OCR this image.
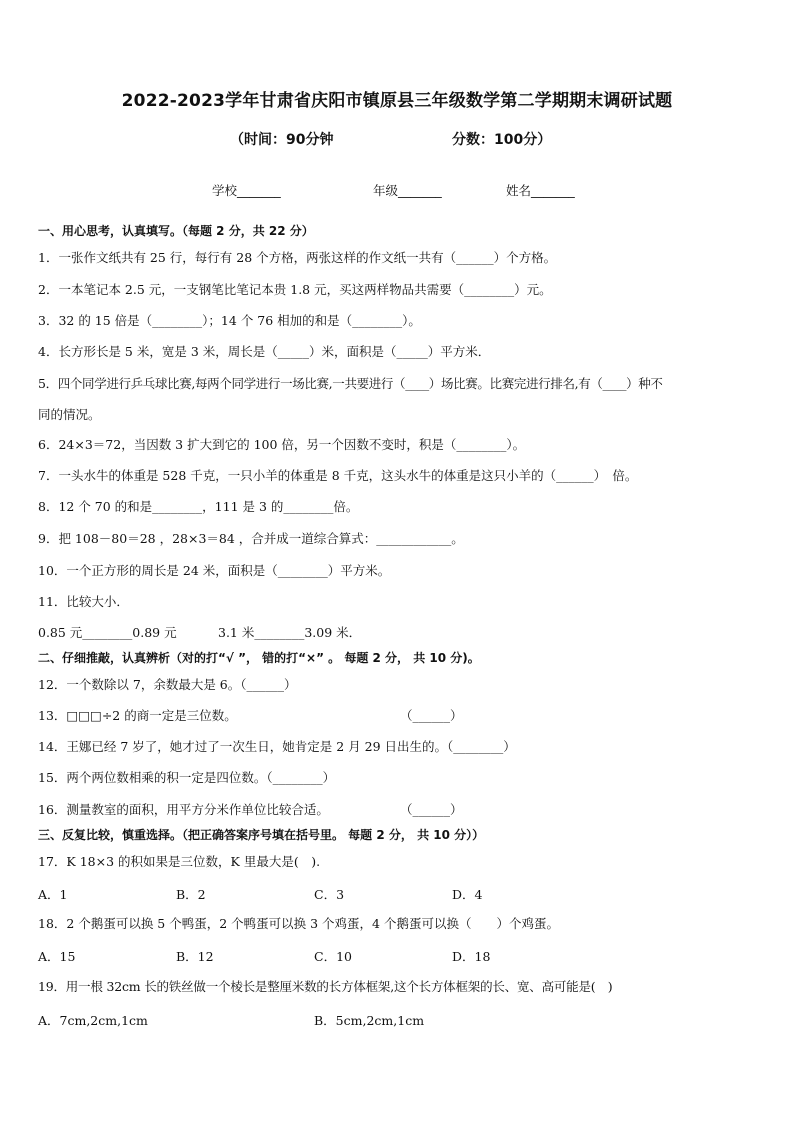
2022-2023学年甘肃省庆阳市镇原县三年级数学第二学期期末调研试题
（时间：90分钟	分数：100分）
学校_______	年级_______	姓名_______
一、用心思考，认真填写。（每题 2 分，共 22 分）
1．一张作文纸共有 25 行，每行有 28 个方格，两张这样的作文纸一共有（______）个方格。
2．一本笔记本 2.5 元，一支钢笔比笔记本贵 1.8 元，买这两样物品共需要（________）元。
3．32 的 15 倍是（________）；14 个 76 相加的和是（________）。
4．长方形长是 5 米，宽是 3 米，周长是（_____）米，面积是（_____）平方米．
5．四个同学进行乒乓球比赛,每两个同学进行一场比赛,一共要进行（____）场比赛。比赛完进行排名,有（____）种不
同的情况。
6．24×3＝72，当因数 3 扩大到它的 100 倍，另一个因数不变时，积是（________）。
7．一头水牛的体重是 528 千克，一只小羊的体重是 8 千克，这头水牛的体重是这只小羊的（______）　倍。
8．12 个 70 的和是________，111 是 3 的________倍。
9．把 108－80＝28 ，28×3＝84 ，合并成一道综合算式：____________。
10．一个正方形的周长是 24 米，面积是（________）平方米。
11．比较大小．
0.85 元________0.89 元	3.1 米________3.09 米．
二、仔细推敲，认真辨析（对的打“√ ”， 错的打“×” 。 每题 2 分， 共 10 分)。
12．一个数除以 7，余数最大是 6。（______）
13．□□□÷2 的商一定是三位数。	（______）
14．王娜已经 7 岁了，她才过了一次生日，她肯定是 2 月 29 日出生的。（________）
15．两个两位数相乘的积一定是四位数。（________）
16．测量教室的面积，用平方分米作单位比较合适。	（______）
三、反复比较，慎重选择。（把正确答案序号填在括号里。 每题 2 分， 共 10 分））
17．K 18×3 的积如果是三位数，K 里最大是(　).
A．1	B．2	C．3	D．4
18．2 个鹅蛋可以换 5 个鸭蛋，2 个鸭蛋可以换 3 个鸡蛋，4 个鹅蛋可以换（　　）个鸡蛋。
A．15	B．12	C．10	D．18
19．用一根 32cm 长的铁丝做一个棱长是整厘米数的长方体框架,这个长方体框架的长、宽、高可能是(　)
A．7cm,2cm,1cm	B．5cm,2cm,1cm
